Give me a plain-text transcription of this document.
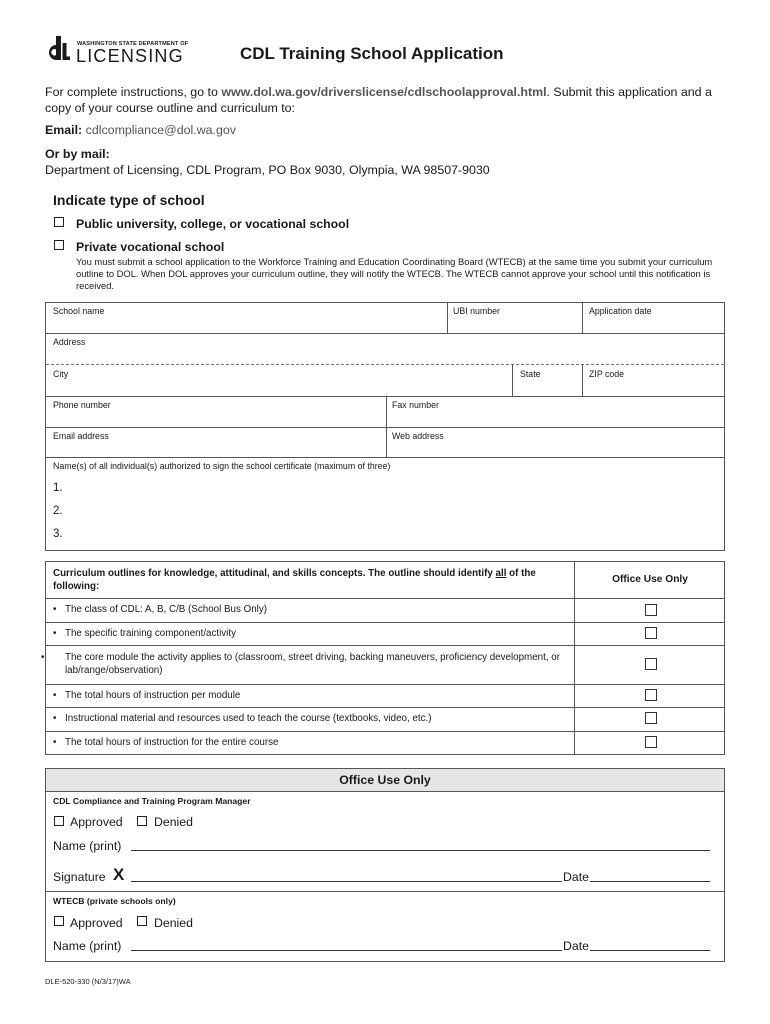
WASHINGTON STATE DEPARTMENT OF
LICENSING	CDL Training School Application
For complete instructions, go to www.dol.wa.gov/driverslicense/cdlschoolapproval.html. Submit this application and a copy of your course outline and curriculum to:
Email: cdlcompliance@dol.wa.gov
Or by mail:
Department of Licensing, CDL Program, PO Box 9030, Olympia, WA 98507-9030
Indicate type of school
Public university, college, or vocational school
Private vocational school
You must submit a school application to the Workforce Training and Education Coordinating Board (WTECB) at the same time you submit your curriculum outline to DOL. When DOL approves your curriculum outline, they will notify the WTECB. The WTECB cannot approve your school until this notification is received.
School name	UBI number	Application date
Address
City	State	ZIP code
Phone number	Fax number
Email address	Web address
Name(s) of all individual(s) authorized to sign the school certificate (maximum of three)
1.
2.
3.
Curriculum outlines for knowledge, attitudinal, and skills concepts. The outline should identify all of the following:
Office Use Only
• The class of CDL: A, B, C/B (School Bus Only)
• The specific training component/activity
• The core module the activity applies to (classroom, street driving, backing maneuvers, proficiency development, or lab/range/observation)
• The total hours of instruction per module
• Instructional material and resources used to teach the course (textbooks, video, etc.)
• The total hours of instruction for the entire course
Office Use Only
CDL Compliance and Training Program Manager
Approved	Denied
Name (print)
Signature X	Date
WTECB (private schools only)
Approved	Denied
Name (print)	Date
DLE-520-330 (N/3/17)WA
